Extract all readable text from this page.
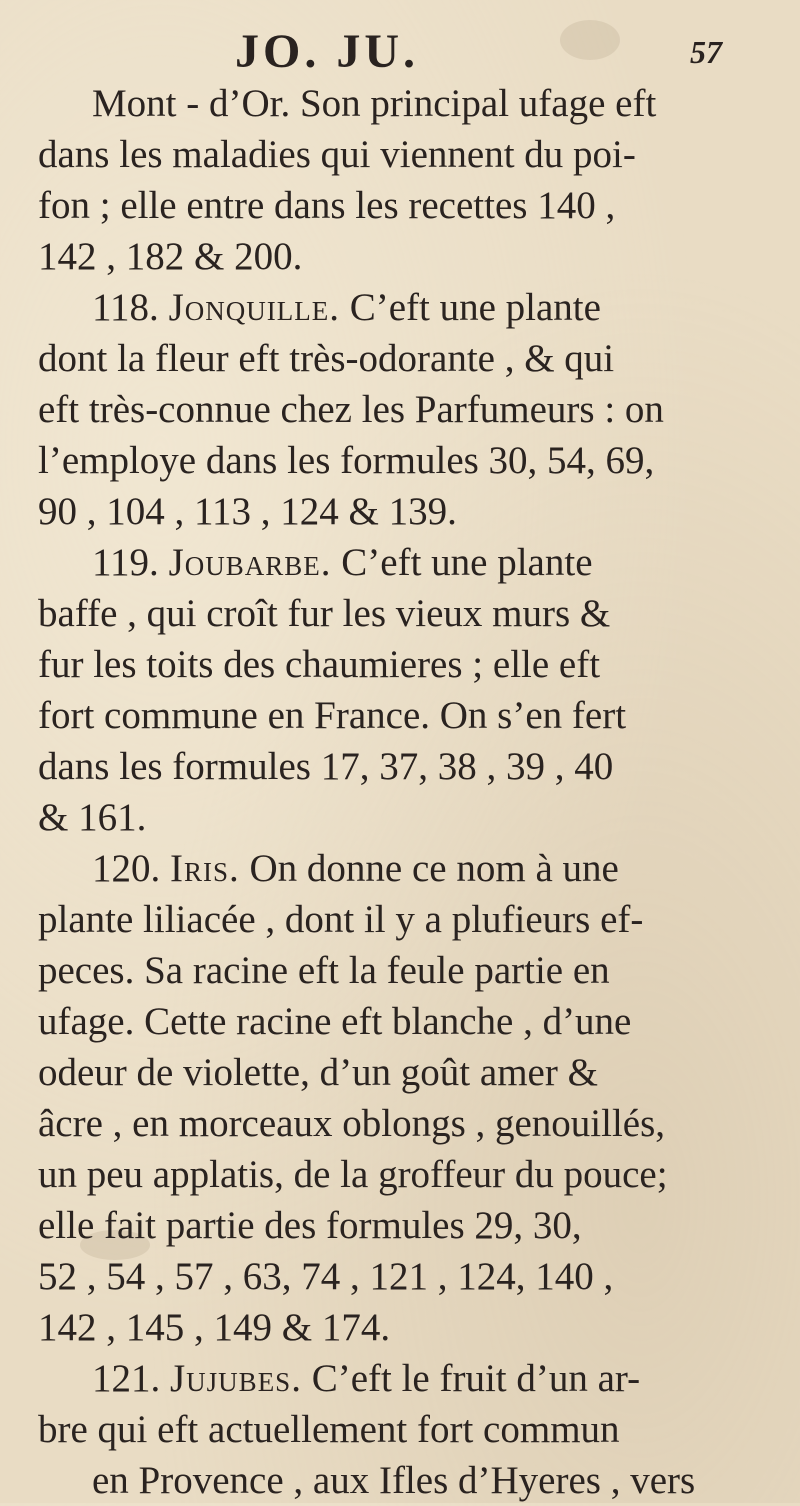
JO. JU.	57
Mont - d’Or. Son principal ufage eft
dans les maladies qui viennent du poi-
fon ; elle entre dans les recettes 140 ,
142 , 182 & 200.
118. Jonquille. C’eft une plante
dont la fleur eft très-odorante , & qui
eft très-connue chez les Parfumeurs : on
l’employe dans les formules 30, 54, 69,
90 , 104 , 113 , 124 & 139.
119. Joubarbe. C’eft une plante
baffe , qui croît fur les vieux murs &
fur les toits des chaumieres ; elle eft
fort commune en France. On s’en fert
dans les formules 17, 37, 38 , 39 , 40
& 161.
120. Iris. On donne ce nom à une
plante liliacée , dont il y a plufieurs ef-
peces. Sa racine eft la feule partie en
ufage. Cette racine eft blanche , d’une
odeur de violette, d’un goût amer &
âcre , en morceaux oblongs , genouillés,
un peu applatis, de la groffeur du pouce;
elle fait partie des formules 29, 30,
52 , 54 , 57 , 63, 74 , 121 , 124, 140 ,
142 , 145 , 149 & 174.
121. Jujubes. C’eft le fruit d’un ar-
bre qui eft actuellement fort commun
en Provence , aux Ifles d’Hyeres , vers
